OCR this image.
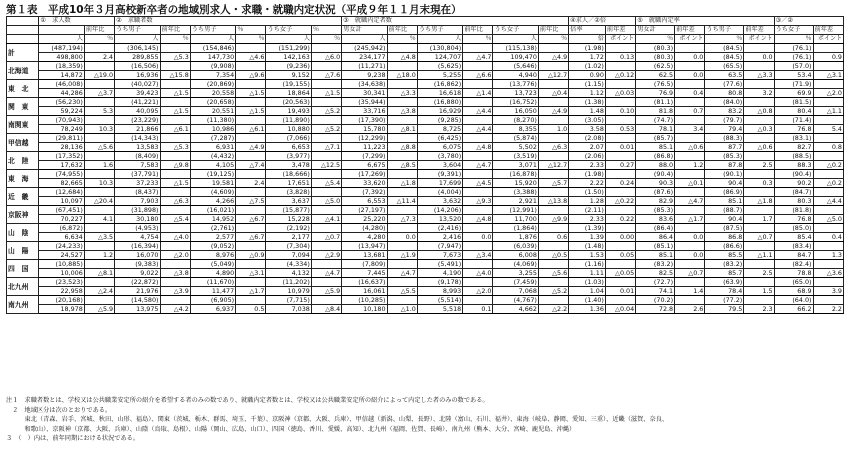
第１表　平成10年３月高校新卒者の地域別求人・求職・就職内定状況（平成９年１１月末現在）
	①　求人数		②　求職者数						③　就職内定者数						④求人／②倍		⑤　就職内定率				③／②	
		前年比	うち男子	前年比	うち男子	％	うち女子	％	男女計	前年比	うち男子	前年比	うち女子	前年比	倍率	前年差	男女計	前年差	うち男子	前年差	うち女子	前年差
	人	％	人	％	人	％	人	％	人	％	人	％	人	％	倍	ポイント	％	ポイント	％	ポイント	％	ポイント
計	(487,194)		(306,145)		(154,846)		(151,299)		(245,942)		(130,804)		(115,138)		(1.98)		(80.3)		(84.5)		(76.1)	
	498,800	2.4	289,855	△5.3	147,730	△4.6	142,163	△6.0	234,177	△4.8	124,707	△4.7	109,470	△4.9	1.72	0.13	(80.3)	0.0	(84.5)	0.0	(76.1)	0.9
北海道	(18,359)		(16,506)		(9,908)		(9,236)		(11,271)		(5,625)		(5,646)		(1.02)		(62.5)		(65.5)		(57.0)	
	14,872	△19.0	16,936	△15.8	7,354	△9.6	9,152	△7.6	9,238	△18.0	5,255	△6.6	4,940	△12.7	0.90	△0.12	62.5	0.0	63.5	△3.3	53.4	△3.1
東　北	(46,008)		(40,027)		(20,869)		(19,155)		(34,638)		(16,862)		(13,776)		(1.15)		(76.5)		(77.6)		(71.9)	
	44,286	△3.7	39,423	△1.5	20,558	△1.5	18,864	△1.5	30,341	△3.3	16,618	△1.4	13,723	△0.4	1.12	△0.03	76.9	0.4	80.8	3.2	69.9	△2.0
関　東	(56,230)		(41,221)		(20,658)		(20,563)		(35,944)		(16,880)		(16,752)		(1.38)		(81.1)		(84.0)		(81.5)	
	59,224	5.3	40,095	△1.5	20,551	△1.5	19,493	△5.2	33,716	△3.8	16,929	△4.4	16,050	△4.9	1.48	0.10	81.8	0.7	83.2	△0.8	80.4	△1.1
南関東	(70,943)		(23,229)		(11,380)		(11,890)		(17,390)		(9,285)		(8,270)		(3.05)		(74.7)		(79.7)		(71.4)	
	78,249	10.3	21,866	△6.1	10,986	△6.1	10,880	△5.2	15,780	△8.1	8,725	△4.4	8,355	1.0	3.58	0.53	78.1	3.4	79.4	△0.3	76.8	5.4
甲信越	(29,811)		(14,343)		(7,287)		(7,066)		(12,299)		(6,425)		(5,874)		(2.08)		(85.7)		(88.3)		(83.1)	
	28,136	△5.6	13,583	△5.3	6,931	△4.9	6,653	△7.1	11,223	△8.8	6,075	△4.8	5,502	△6.3	2.07	0.01	85.1	△0.6	87.7	△0.6	82.7	0.8
北　陸	(17,352)		(8,409)		(4,432)		(3,977)		(7,299)		(3,780)		(3,519)		(2.06)		(86.8)		(85.3)		(88.5)	
	17,632	1.6	7,583	△9.8	4,105	△7.4	3,478	△12.5	6,675	△8.5	3,604	△4.7	3,071	△12.7	2.33	0.27	88.0	1.2	87.8	2.5	88.3	△0.2
東　海	(74,955)		(37,791)		(19,125)		(18,666)		(17,269)		(9,391)		(16,878)		(1.98)		(90.4)		(90.1)		(90.4)	
	82,665	10.3	37,233	△1.5	19,581	2.4	17,651	△5.4	33,620	△1.8	17,699	△4.5	15,920	△5.7	2.22	0.24	90.3	△0.1	90.4	0.3	90.2	△0.2
近　畿	(12,684)		(8,437)		(4,609)		(3,828)		(7,392)		(4,004)		(3,388)		(1.50)		(87.6)		(86.9)		(84.7)	
	10,097	△20.4	7,903	△6.3	4,266	△7.5	3,637	△5.0	6,553	△11.4	3,632	△9.3	2,921	△13.8	1.28	△0.22	82.9	△4.7	85.1	△1.8	80.3	△4.4
京阪神	(67,451)		(31,898)		(16,021)		(15,877)		(27,197)		(14,206)		(12,991)		(2.11)		(85.3)		(88.7)		(81.8)	
	70,227	4.1	30,180	△5.4	14,952	△6.7	15,228	△4.1	25,220	△7.3	13,520	△4.8	11,700	△9.9	2.33	0.22	83.6	△1.7	90.4	1.7	76.8	△5.0
山　陰	(6,872)		(4,953)		(2,761)		(2,192)		(4,280)		(2,416)		(1,864)		(1.39)		(86.4)		(87.5)		(85.0)	
	6,634	△3.5	4,754	△4.0	2,577	△6.7	2,177	△0.7	4,280	0.0	2,416	0.0	1,876	0.6	1.39	0.00	86.4	0.0	86.8	△0.7	85.4	0.4
山　陽	(24,233)		(16,394)		(9,052)		(7,304)		(13,947)		(7,947)		(6,039)		(1.48)		(85.1)		(86.6)		(83.4)	
	24,527	1.2	16,070	△2.0	8,976	△0.9	7,094	△2.9	13,681	△1.9	7,673	△3.4	6,008	△0.5	1.53	0.05	85.1	0.0	85.5	△1.1	84.7	1.3
四　国	(10,885)		(9,383)		(5,049)		(4,334)		(7,809)		(5,491)		(4,069)		(1.16)		(83.2)		(83.2)		(82.4)	
	10,006	△8.1	9,022	△3.8	4,890	△3.1	4,132	△4.7	7,445	△4.7	4,190	△4.0	3,255	△5.6	1.11	△0.05	82.5	△0.7	85.7	2.5	78.8	△3.6
北九州	(23,523)		(22,872)		(11,670)		(11,202)		(16,637)		(9,178)		(7,459)		(1.03)		(72.7)		(63.9)		(65.0)	
	22,958	△2.4	21,976	△3.9	11,477	△1.7	10,979	△5.9	16,061	△5.5	8,993	△2.0	7,068	△5.2	1.04	0.01	74.1	1.4	78.4	1.5	68.9	3.9
南九州	(20,168)		(14,580)		(6,905)		(7,715)		(10,285)		(5,514)		(4,767)		(1.40)		(70.2)		(77.2)		(64.0)	
	18,978	△5.9	13,975	△4.2	6,937	0.5	7,038	△8.4	10,180	△1.0	5,518	0.1	4,662	△2.2	1.36	△0.04	72.8	2.6	79.5	2.3	66.2	2.2
注１　求職者数とは、学校又は公共職業安定所の紹介を希望する者のみの数であり、就職内定者数とは、学校又は公共職業安定所の紹介によって内定した者のみの数である。
　２　地域区分は次のとおりである。
　　　東北（青森、岩手、宮城、秋田、山形、福島）、関東（茨城、栃木、群馬、埼玉、千葉）、京阪神（京都、大阪、兵庫）、甲信越（新潟、山梨、長野）、北陸（富山、石川、福井）、東海（岐阜、静岡、愛知、三重）、近畿（滋賀、奈良、
　　　和歌山）、京阪神（京都、大阪、兵庫）、山陰（鳥取、島根）、山陽（岡山、広島、山口）、四国（徳島、香川、愛媛、高知）、北九州（福岡、佐賀、長崎）、南九州（熊本、大分、宮崎、鹿児島、沖縄）
３　（　）内は、前年同期における状況である。
